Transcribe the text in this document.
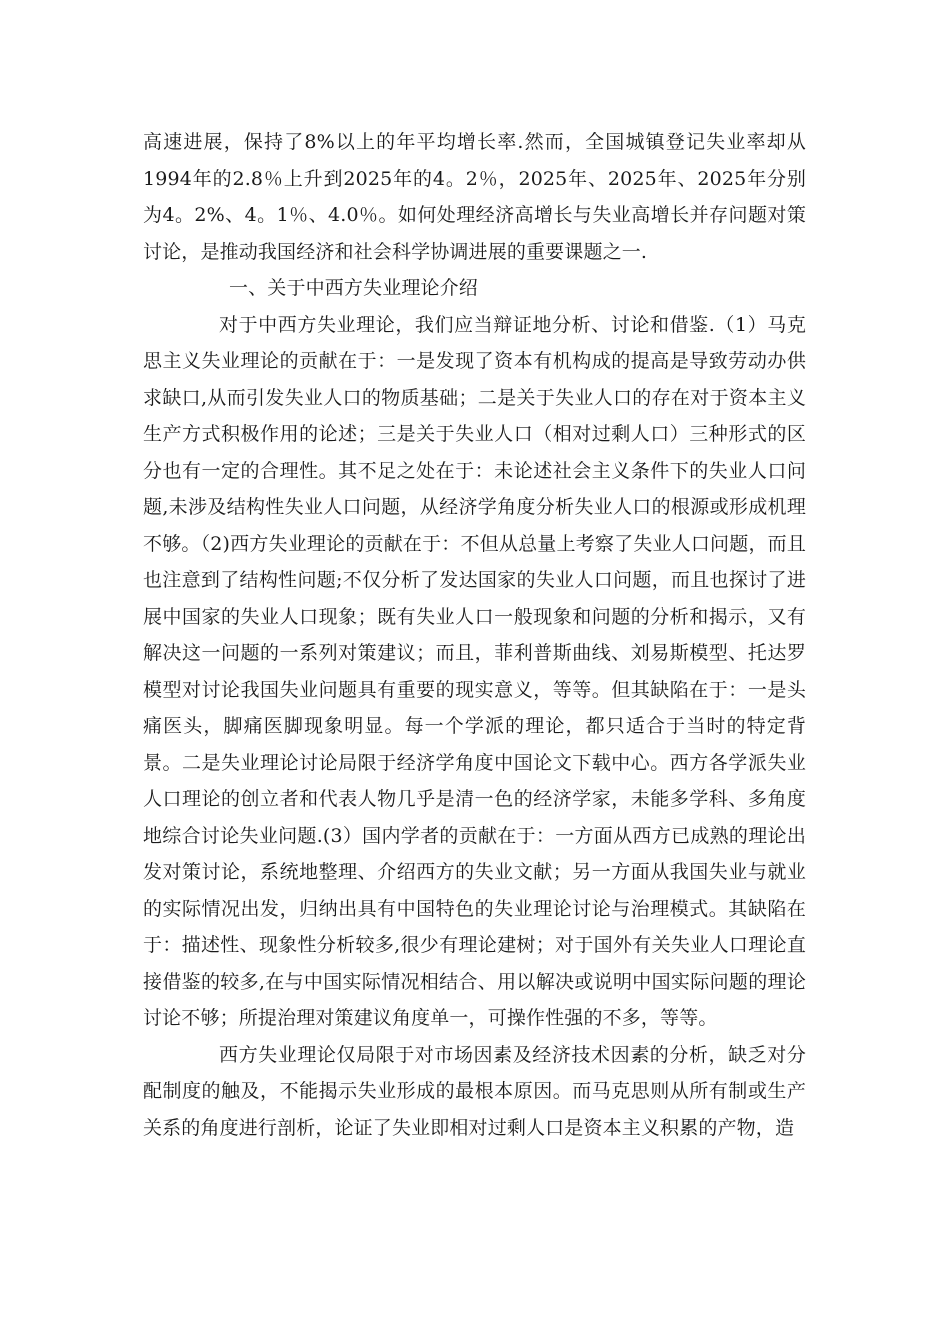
高速进展，保持了8%以上的年平均增长率.然而，全国城镇登记失业率却从1994年的2.8％上升到2025年的4。2％，2025年、2025年、2025年分别为4。2%、4。1％、4.0％。如何处理经济高增长与失业高增长并存问题对策讨论，是推动我国经济和社会科学协调进展的重要课题之一.

一、关于中西方失业理论介绍

对于中西方失业理论，我们应当辩证地分析、讨论和借鉴.（1）马克思主义失业理论的贡献在于：一是发现了资本有机构成的提高是导致劳动办供求缺口,从而引发失业人口的物质基础；二是关于失业人口的存在对于资本主义生产方式积极作用的论述；三是关于失业人口（相对过剩人口）三种形式的区分也有一定的合理性。其不足之处在于：未论述社会主义条件下的失业人口问题,未涉及结构性失业人口问题，从经济学角度分析失业人口的根源或形成机理不够。（2)西方失业理论的贡献在于：不但从总量上考察了失业人口问题，而且也注意到了结构性问题;不仅分析了发达国家的失业人口问题，而且也探讨了进展中国家的失业人口现象；既有失业人口一般现象和问题的分析和揭示，又有解决这一问题的一系列对策建议；而且，菲利普斯曲线、刘易斯模型、托达罗模型对讨论我国失业问题具有重要的现实意义，等等。但其缺陷在于：一是头痛医头，脚痛医脚现象明显。每一个学派的理论，都只适合于当时的特定背景。二是失业理论讨论局限于经济学角度中国论文下载中心。西方各学派失业人口理论的创立者和代表人物几乎是清一色的经济学家，未能多学科、多角度地综合讨论失业问题.(3）国内学者的贡献在于：一方面从西方已成熟的理论出发对策讨论，系统地整理、介绍西方的失业文献；另一方面从我国失业与就业的实际情况出发，归纳出具有中国特色的失业理论讨论与治理模式。其缺陷在于：描述性、现象性分析较多,很少有理论建树；对于国外有关失业人口理论直接借鉴的较多,在与中国实际情况相结合、用以解决或说明中国实际问题的理论讨论不够；所提治理对策建议角度单一，可操作性强的不多，等等。

西方失业理论仅局限于对市场因素及经济技术因素的分析，缺乏对分配制度的触及，不能揭示失业形成的最根本原因。而马克思则从所有制或生产关系的角度进行剖析，论证了失业即相对过剩人口是资本主义积累的产物，造
